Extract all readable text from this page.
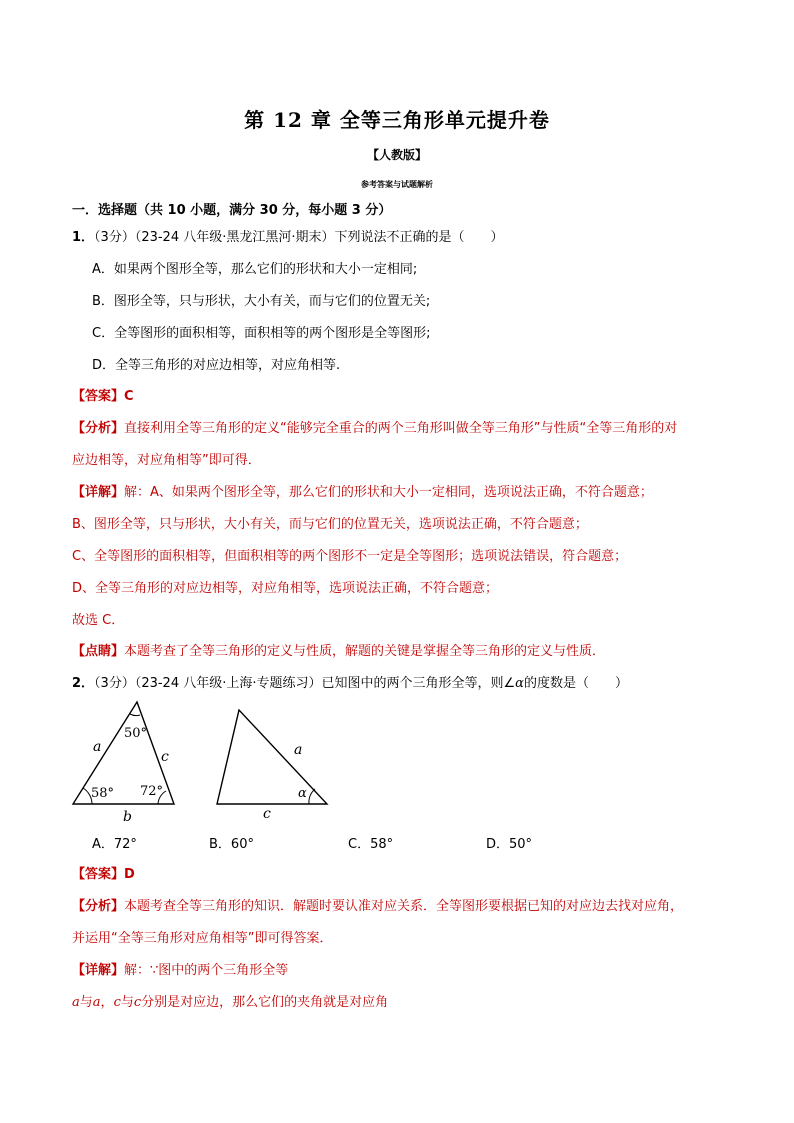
第 12 章 全等三角形单元提升卷
【人教版】
参考答案与试题解析
一．选择题（共 10 小题，满分 30 分，每小题 3 分）
1．（3分）（23-24 八年级·黑龙江黑河·期末）下列说法不正确的是（　　）
A．如果两个图形全等，那么它们的形状和大小一定相同;
B．图形全等，只与形状，大小有关，而与它们的位置无关;
C．全等图形的面积相等，面积相等的两个图形是全等图形;
D．全等三角形的对应边相等，对应角相等.
【答案】C
【分析】直接利用全等三角形的定义“能够完全重合的两个三角形叫做全等三角形”与性质“全等三角形的对
应边相等，对应角相等”即可得．
【详解】解：A、如果两个图形全等，那么它们的形状和大小一定相同，选项说法正确，不符合题意；
B、图形全等，只与形状，大小有关，而与它们的位置无关，选项说法正确，不符合题意；
C、全等图形的面积相等，但面积相等的两个图形不一定是全等图形；选项说法错误，符合题意；
D、全等三角形的对应边相等，对应角相等，选项说法正确，不符合题意；
故选 C．
【点睛】本题考查了全等三角形的定义与性质，解题的关键是掌握全等三角形的定义与性质．
2．（3分）（23-24 八年级·上海·专题练习）已知图中的两个三角形全等，则∠α的度数是（　　）
50°
58° 72°
a
c
b
a
c
α
A．72°	B．60°	C．58°	D．50°
【答案】D
【分析】本题考查全等三角形的知识．解题时要认准对应关系．全等图形要根据已知的对应边去找对应角，
并运用“全等三角形对应角相等”即可得答案．
【详解】解：∵图中的两个三角形全等
a与a，c与c分别是对应边，那么它们的夹角就是对应角
